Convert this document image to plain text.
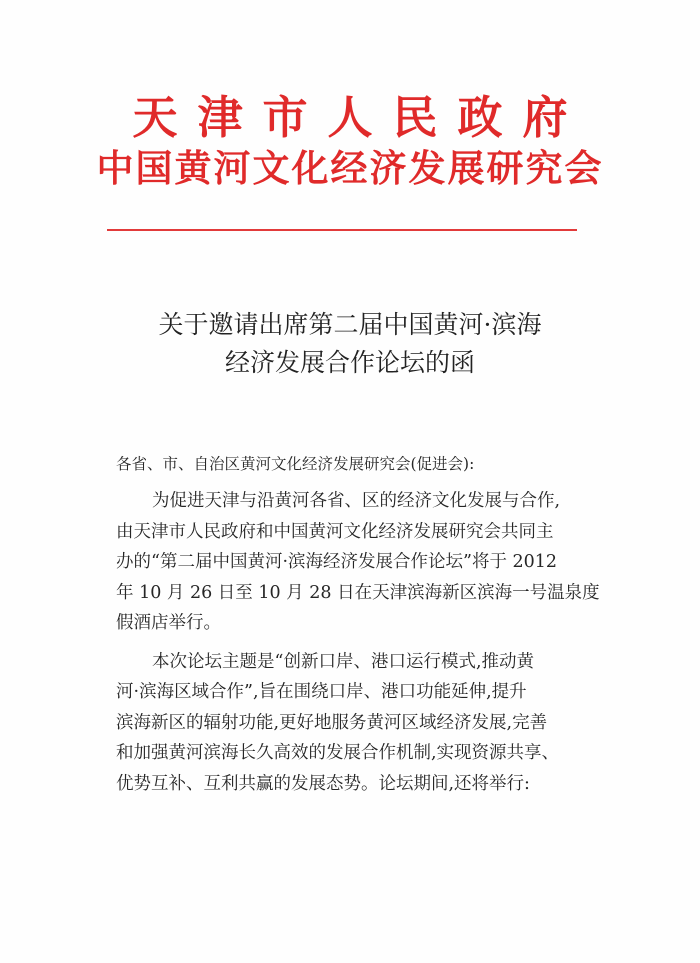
天津市人民政府
中国黄河文化经济发展研究会
关于邀请出席第二届中国黄河·滨海
经济发展合作论坛的函
各省、市、自治区黄河文化经济发展研究会(促进会):
为促进天津与沿黄河各省、区的经济文化发展与合作,
由天津市人民政府和中国黄河文化经济发展研究会共同主
办的“第二届中国黄河·滨海经济发展合作论坛”将于 2012
年 10 月 26 日至 10 月 28 日在天津滨海新区滨海一号温泉度
假酒店举行。
本次论坛主题是“创新口岸、港口运行模式,推动黄
河·滨海区域合作”,旨在围绕口岸、港口功能延伸,提升
滨海新区的辐射功能,更好地服务黄河区域经济发展,完善
和加强黄河滨海长久高效的发展合作机制,实现资源共享、
优势互补、互利共赢的发展态势。论坛期间,还将举行:
